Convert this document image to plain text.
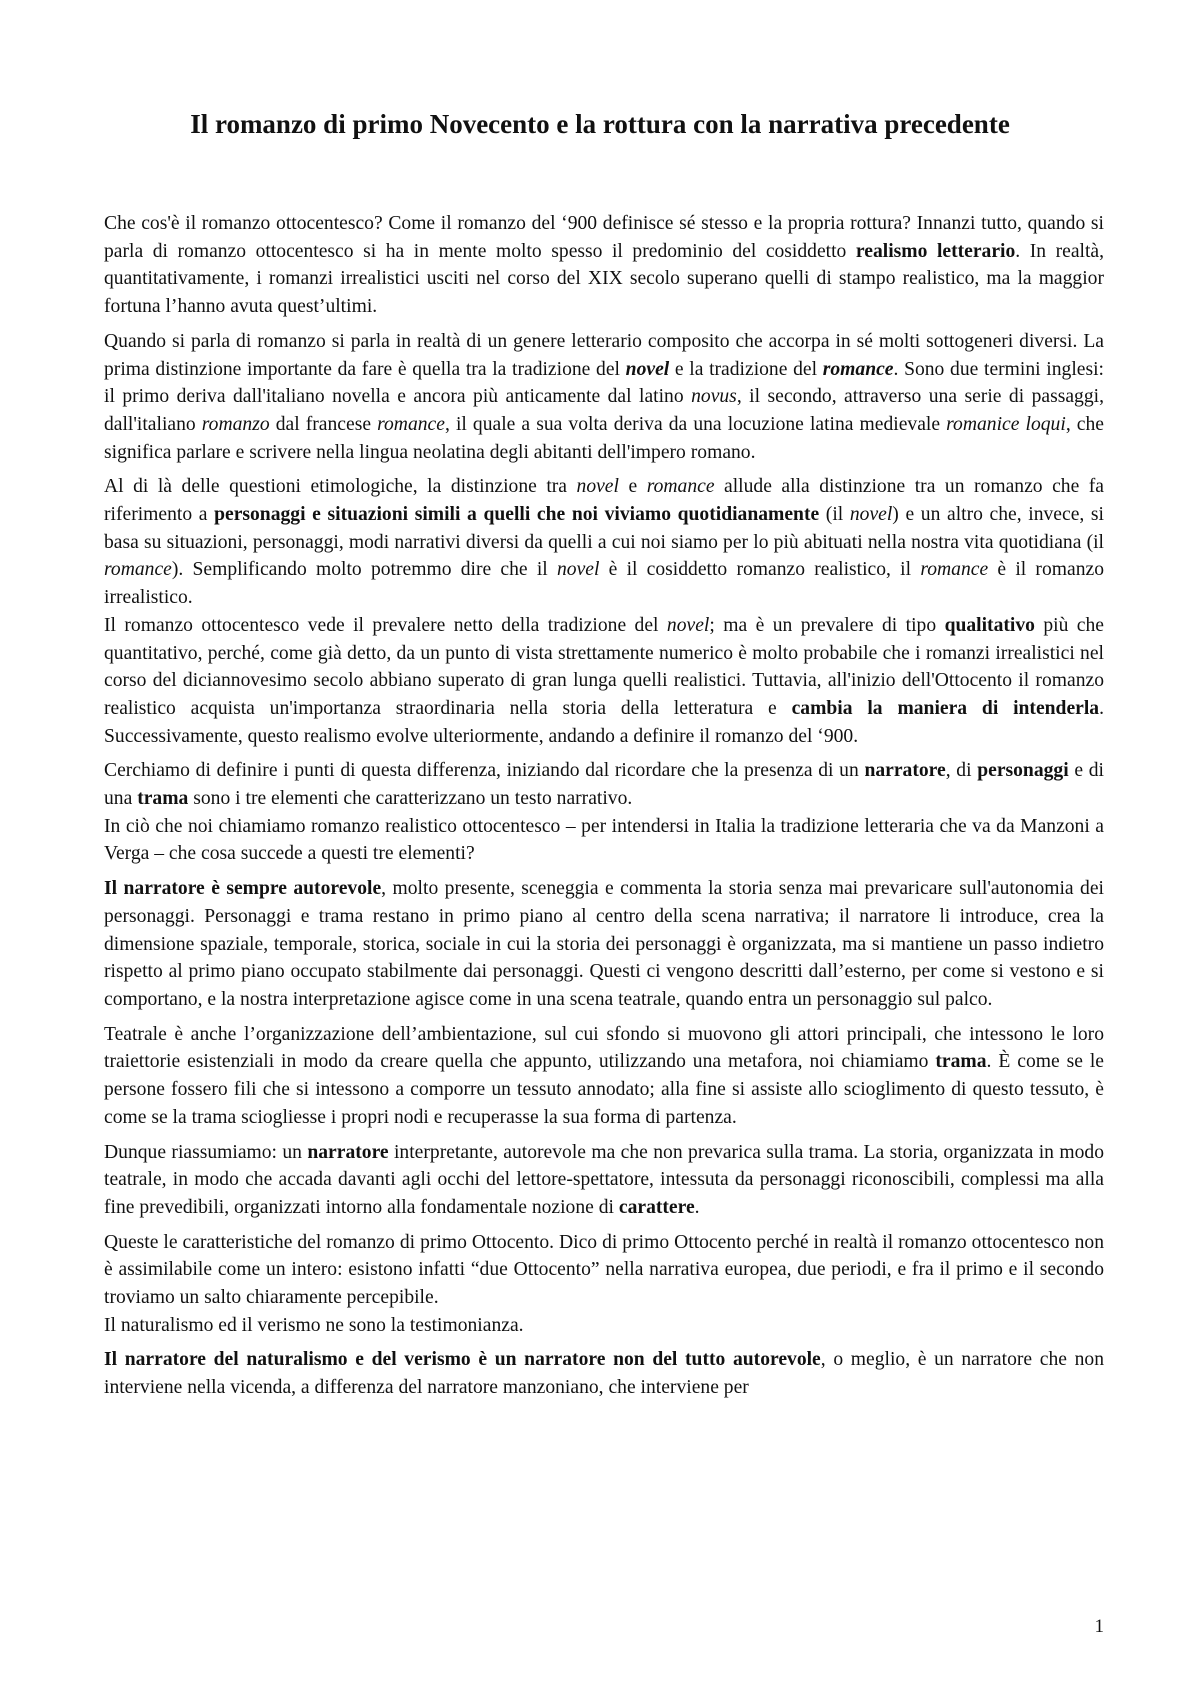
Il romanzo di primo Novecento e la rottura con la narrativa precedente

Che cos'è il romanzo ottocentesco? Come il romanzo del ‘900 definisce sé stesso e la propria rottura? Innanzi tutto, quando si parla di romanzo ottocentesco si ha in mente molto spesso il predominio del cosiddetto realismo letterario. In realtà, quantitativamente, i romanzi irrealistici usciti nel corso del XIX secolo superano quelli di stampo realistico, ma la maggior fortuna l’hanno avuta quest’ultimi.

Quando si parla di romanzo si parla in realtà di un genere letterario composito che accorpa in sé molti sottogeneri diversi. La prima distinzione importante da fare è quella tra la tradizione del novel e la tradizione del romance. Sono due termini inglesi: il primo deriva dall'italiano novella e ancora più anticamente dal latino novus, il secondo, attraverso una serie di passaggi, dall'italiano romanzo dal francese romance, il quale a sua volta deriva da una locuzione latina medievale romanice loqui, che significa parlare e scrivere nella lingua neolatina degli abitanti dell'impero romano.

Al di là delle questioni etimologiche, la distinzione tra novel e romance allude alla distinzione tra un romanzo che fa riferimento a personaggi e situazioni simili a quelli che noi viviamo quotidianamente (il novel) e un altro che, invece, si basa su situazioni, personaggi, modi narrativi diversi da quelli a cui noi siamo per lo più abituati nella nostra vita quotidiana (il romance). Semplificando molto potremmo dire che il novel è il cosiddetto romanzo realistico, il romance è il romanzo irrealistico.

Il romanzo ottocentesco vede il prevalere netto della tradizione del novel; ma è un prevalere di tipo qualitativo più che quantitativo, perché, come già detto, da un punto di vista strettamente numerico è molto probabile che i romanzi irrealistici nel corso del diciannovesimo secolo abbiano superato di gran lunga quelli realistici. Tuttavia, all'inizio dell'Ottocento il romanzo realistico acquista un'importanza straordinaria nella storia della letteratura e cambia la maniera di intenderla. Successivamente, questo realismo evolve ulteriormente, andando a definire il romanzo del ‘900.

Cerchiamo di definire i punti di questa differenza, iniziando dal ricordare che la presenza di un narratore, di personaggi e di una trama sono i tre elementi che caratterizzano un testo narrativo.

In ciò che noi chiamiamo romanzo realistico ottocentesco – per intendersi in Italia la tradizione letteraria che va da Manzoni a Verga – che cosa succede a questi tre elementi?

Il narratore è sempre autorevole, molto presente, sceneggia e commenta la storia senza mai prevaricare sull'autonomia dei personaggi. Personaggi e trama restano in primo piano al centro della scena narrativa; il narratore li introduce, crea la dimensione spaziale, temporale, storica, sociale in cui la storia dei personaggi è organizzata, ma si mantiene un passo indietro rispetto al primo piano occupato stabilmente dai personaggi. Questi ci vengono descritti dall’esterno, per come si vestono e si comportano, e la nostra interpretazione agisce come in una scena teatrale, quando entra un personaggio sul palco.

Teatrale è anche l’organizzazione dell’ambientazione, sul cui sfondo si muovono gli attori principali, che intessono le loro traiettorie esistenziali in modo da creare quella che appunto, utilizzando una metafora, noi chiamiamo trama. È come se le persone fossero fili che si intessono a comporre un tessuto annodato; alla fine si assiste allo scioglimento di questo tessuto, è come se la trama sciogliesse i propri nodi e recuperasse la sua forma di partenza.

Dunque riassumiamo: un narratore interpretante, autorevole ma che non prevarica sulla trama. La storia, organizzata in modo teatrale, in modo che accada davanti agli occhi del lettore-spettatore, intessuta da personaggi riconoscibili, complessi ma alla fine prevedibili, organizzati intorno alla fondamentale nozione di carattere.

Queste le caratteristiche del romanzo di primo Ottocento. Dico di primo Ottocento perché in realtà il romanzo ottocentesco non è assimilabile come un intero: esistono infatti “due Ottocento” nella narrativa europea, due periodi, e fra il primo e il secondo troviamo un salto chiaramente percepibile.

Il naturalismo ed il verismo ne sono la testimonianza.

Il narratore del naturalismo e del verismo è un narratore non del tutto autorevole, o meglio, è un narratore che non interviene nella vicenda, a differenza del narratore manzoniano, che interviene per

1
